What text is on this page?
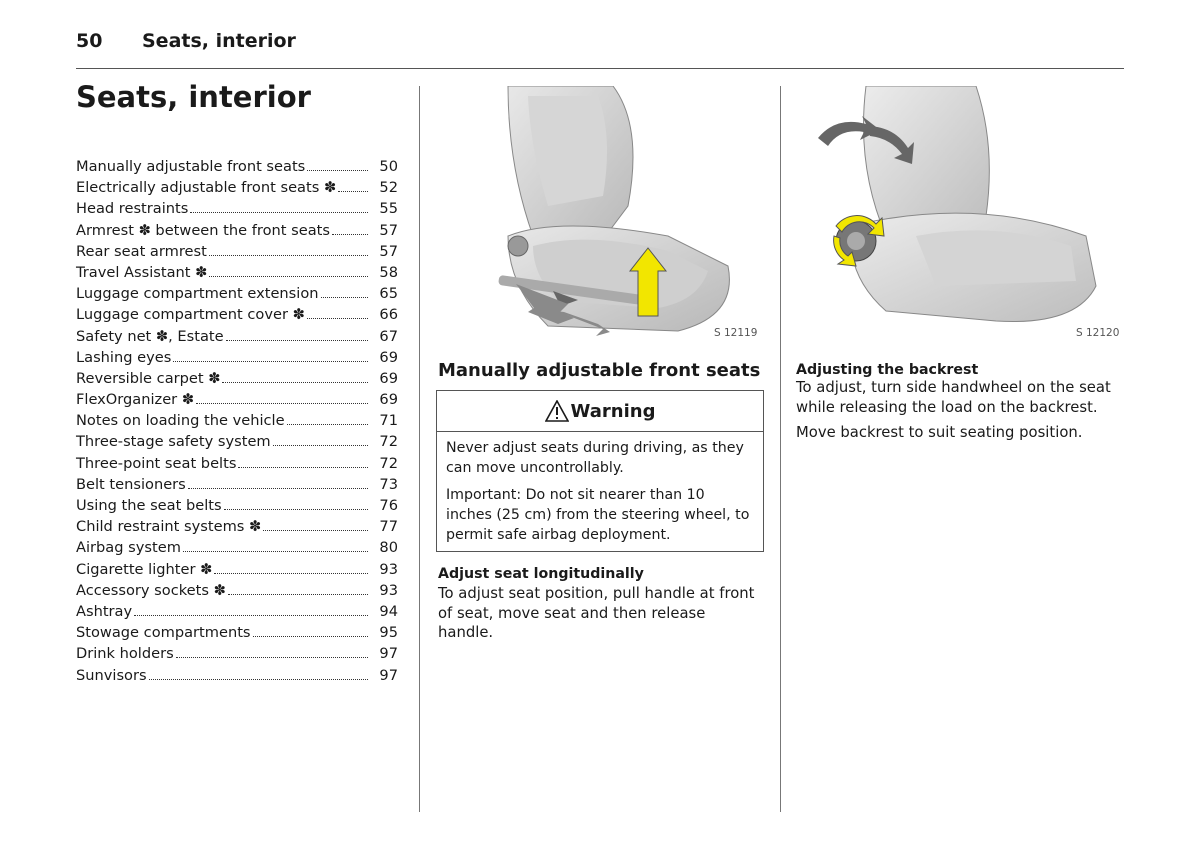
50 Seats, interior
Seats, interior
Manually adjustable front seats	50
Electrically adjustable front seats ✽	52
Head restraints	55
Armrest ✽ between the front seats	57
Rear seat armrest	57
Travel Assistant ✽	58
Luggage compartment extension	65
Luggage compartment cover ✽	66
Safety net ✽, Estate	67
Lashing eyes	69
Reversible carpet ✽	69
FlexOrganizer ✽	69
Notes on loading the vehicle	71
Three-stage safety system	72
Three-point seat belts	72
Belt tensioners	73
Using the seat belts	76
Child restraint systems ✽	77
Airbag system	80
Cigarette lighter ✽	93
Accessory sockets ✽	93
Ashtray	94
Stowage compartments	95
Drink holders	97
Sunvisors	97
S 12119	S 12120
Manually adjustable front seats
Warning

Never adjust seats during driving, as they can move uncontrollably.

Important: Do not sit nearer than 10 inches (25 cm) from the steering wheel, to permit safe airbag deployment.

Adjust seat longitudinally

To adjust seat position, pull handle at front of seat, move seat and then release handle.

Adjusting the backrest

To adjust, turn side handwheel on the seat while releasing the load on the backrest.

Move backrest to suit seating position.
